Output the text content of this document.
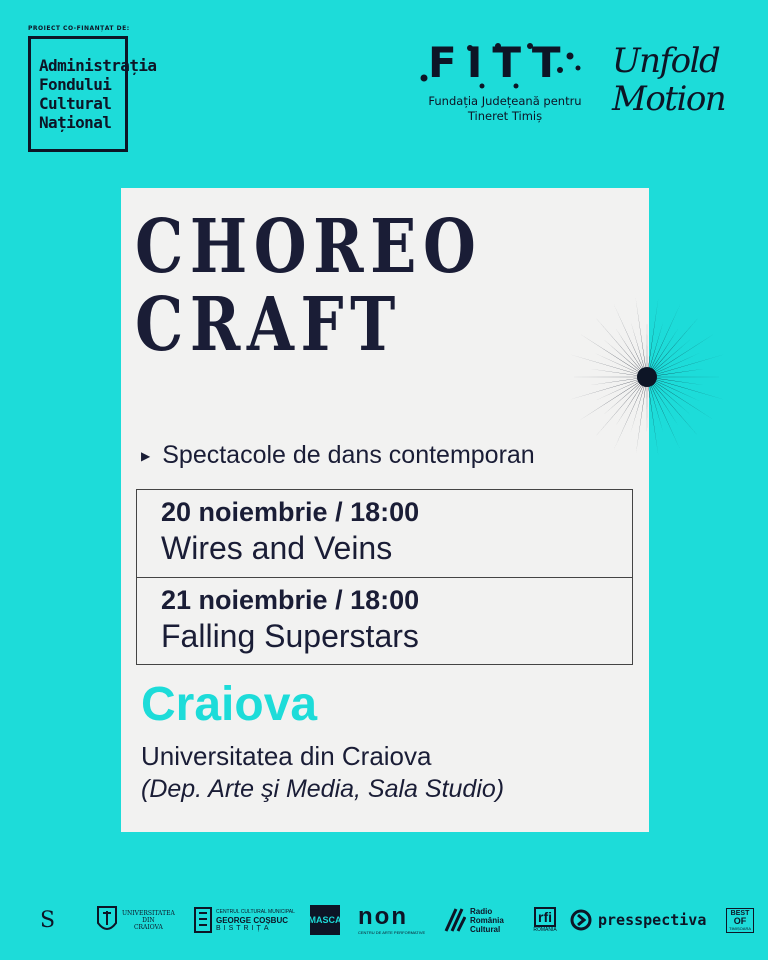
PROIECT CO-FINANȚAT DE:
Administrația
Fondului
Cultural
Național
FITT
Fundația Județeană pentru Tineret Timiș
Unfold
Motion
CHOREO
CRAFT
▶ Spectacole de dans contemporan
20 noiembrie / 18:00
Wires and Veins
21 noiembrie / 18:00
Falling Superstars
Craiova
Universitatea din Craiova
(Dep. Arte şi Media, Sala Studio)
S	UNIVERSITATEA
DIN
CRAIOVA
CENTRUL CULTURAL MUNICIPAL
GEORGE COȘBUC
BISTRIȚA
MASCA non
CENTRU DE ARTE PERFORMATIVE
Radio
România
Cultural
rfi
ROMÂNIA
presspectiva	BEST
OF
TIMIȘOARA
